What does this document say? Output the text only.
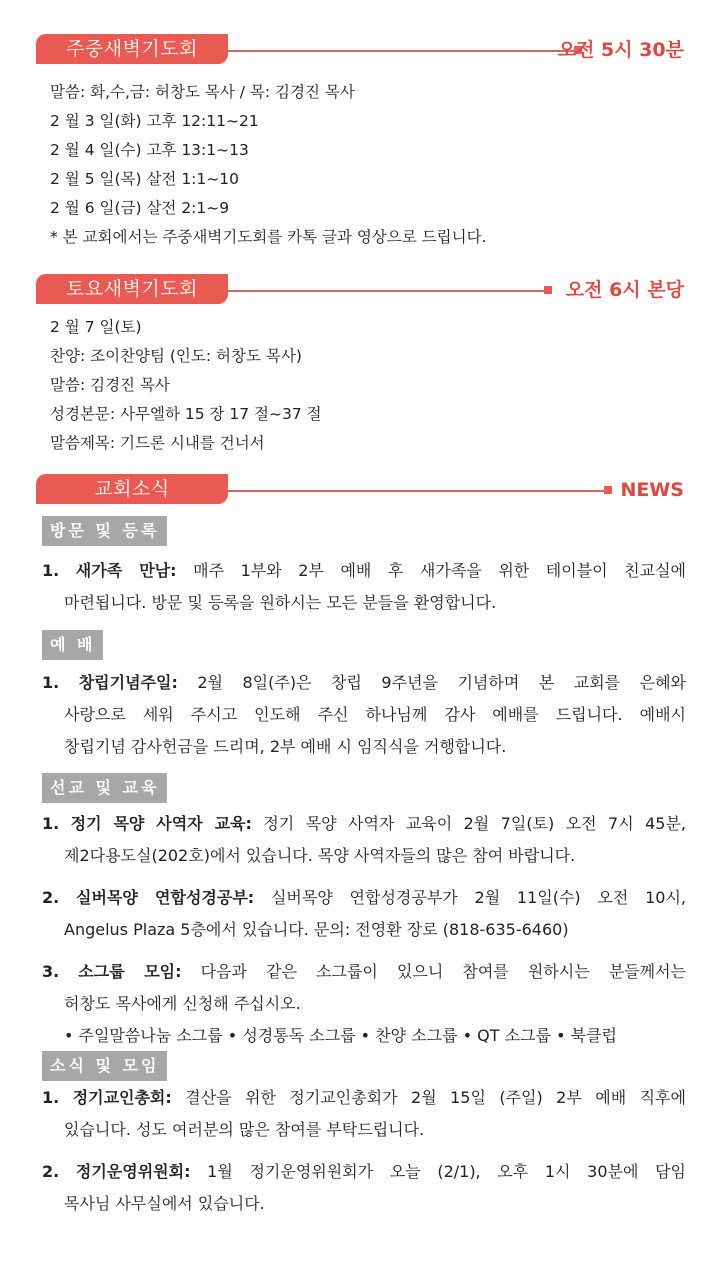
주중새벽기도회	오전 5시 30분
말씀: 화,수,금: 허창도 목사 / 목: 김경진 목사
2 월 3 일(화) 고후 12:11~21
2 월 4 일(수) 고후 13:1~13
2 월 5 일(목) 살전 1:1~10
2 월 6 일(금) 살전 2:1~9
* 본 교회에서는 주중새벽기도회를 카톡 글과 영상으로 드립니다.
토요새벽기도회	오전 6시 본당
2 월 7 일(토)
찬양: 조이찬양팀 (인도: 허창도 목사)
말씀: 김경진 목사
성경본문: 사무엘하 15 장 17 절~37 절
말씀제목: 기드론 시내를 건너서
교회소식	NEWS
방문 및 등록
1. 새가족 만남: 매주 1부와 2부 예배 후 새가족을 위한 테이블이 친교실에
마련됩니다. 방문 및 등록을 원하시는 모든 분들을 환영합니다.
예 배
1. 창립기념주일: 2월 8일(주)은 창립 9주년을 기념하며 본 교회를 은혜와
사랑으로 세워 주시고 인도해 주신 하나님께 감사 예배를 드립니다. 예배시
창립기념 감사헌금을 드리며, 2부 예배 시 임직식을 거행합니다.
선교 및 교육
1. 정기 목양 사역자 교육: 정기 목양 사역자 교육이 2월 7일(토) 오전 7시 45분,
제2다용도실(202호)에서 있습니다. 목양 사역자들의 많은 참여 바랍니다.
2. 실버목양 연합성경공부: 실버목양 연합성경공부가 2월 11일(수) 오전 10시,
Angelus Plaza 5층에서 있습니다. 문의: 전영환 장로 (818-635-6460)
3. 소그룹 모임: 다음과 같은 소그룹이 있으니 참여를 원하시는 분들께서는
허창도 목사에게 신청해 주십시오.
• 주일말씀나눔 소그룹 • 성경통독 소그룹 • 찬양 소그룹 • QT 소그룹 • 북클럽
소식 및 모임
1. 정기교인총회: 결산을 위한 정기교인총회가 2월 15일 (주일) 2부 예배 직후에
있습니다. 성도 여러분의 많은 참여를 부탁드립니다.
2. 정기운영위원회: 1월 정기운영위원회가 오늘 (2/1), 오후 1시 30분에 담임
목사님 사무실에서 있습니다.
